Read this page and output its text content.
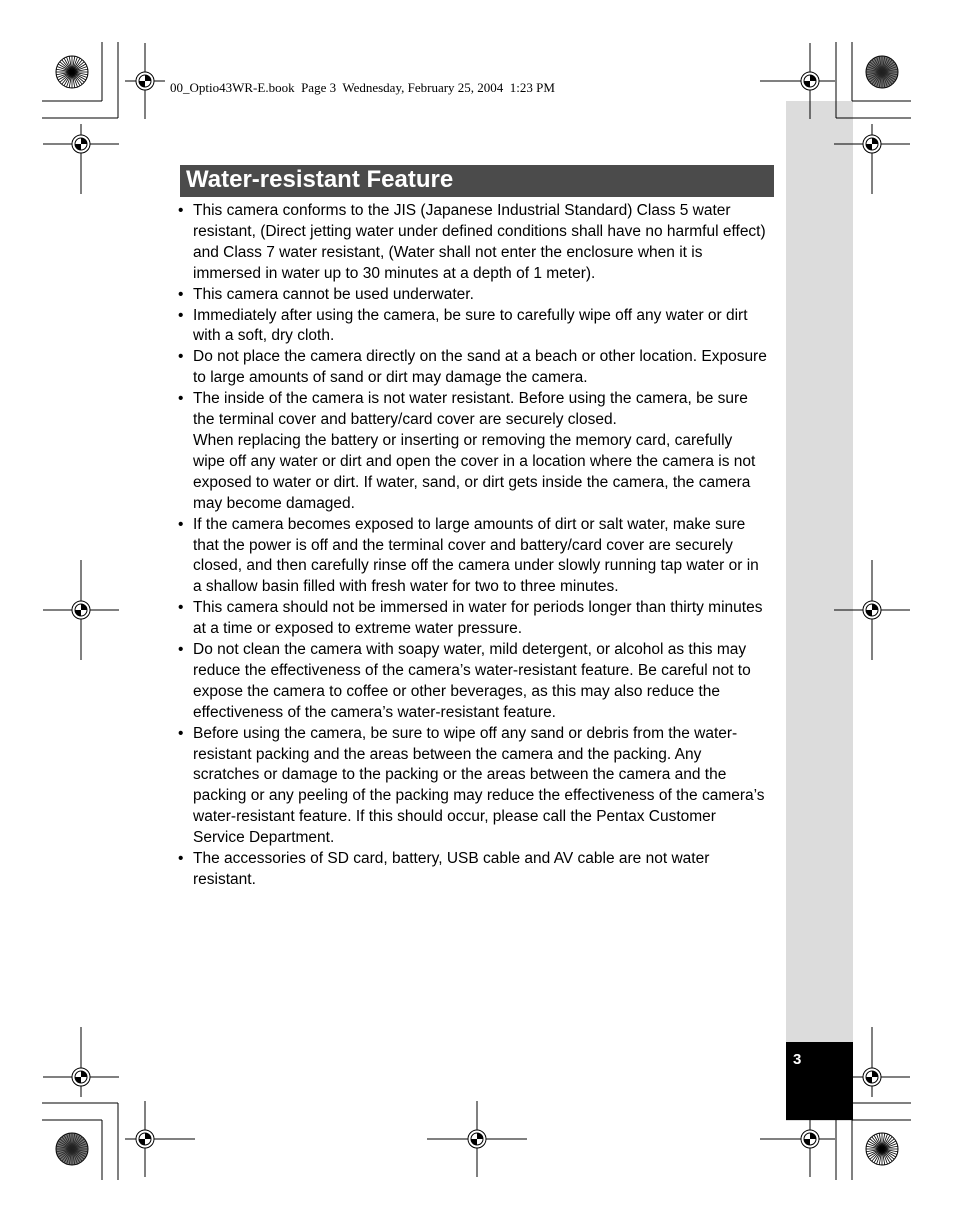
00_Optio43WR-E.book  Page 3  Wednesday, February 25, 2004  1:23 PM
3
Water-resistant Feature
• This camera conforms to the JIS (Japanese Industrial Standard) Class 5 water
resistant, (Direct jetting water under defined conditions shall have no harmful effect)
and Class 7 water resistant, (Water shall not enter the enclosure when it is
immersed in water up to 30 minutes at a depth of 1 meter).
• This camera cannot be used underwater.
• Immediately after using the camera, be sure to carefully wipe off any water or dirt
with a soft, dry cloth.
• Do not place the camera directly on the sand at a beach or other location. Exposure
to large amounts of sand or dirt may damage the camera.
• The inside of the camera is not water resistant. Before using the camera, be sure
the terminal cover and battery/card cover are securely closed.
When replacing the battery or inserting or removing the memory card, carefully
wipe off any water or dirt and open the cover in a location where the camera is not
exposed to water or dirt. If water, sand, or dirt gets inside the camera, the camera
may become damaged.
• If the camera becomes exposed to large amounts of dirt or salt water, make sure
that the power is off and the terminal cover and battery/card cover are securely
closed, and then carefully rinse off the camera under slowly running tap water or in
a shallow basin filled with fresh water for two to three minutes.
• This camera should not be immersed in water for periods longer than thirty minutes
at a time or exposed to extreme water pressure.
• Do not clean the camera with soapy water, mild detergent, or alcohol as this may
reduce the effectiveness of the camera’s water-resistant feature. Be careful not to
expose the camera to coffee or other beverages, as this may also reduce the
effectiveness of the camera’s water-resistant feature.
• Before using the camera, be sure to wipe off any sand or debris from the water-
resistant packing and the areas between the camera and the packing. Any
scratches or damage to the packing or the areas between the camera and the
packing or any peeling of the packing may reduce the effectiveness of the camera’s
water-resistant feature. If this should occur, please call the Pentax Customer
Service Department.
• The accessories of SD card, battery, USB cable and AV cable are not water
resistant.
